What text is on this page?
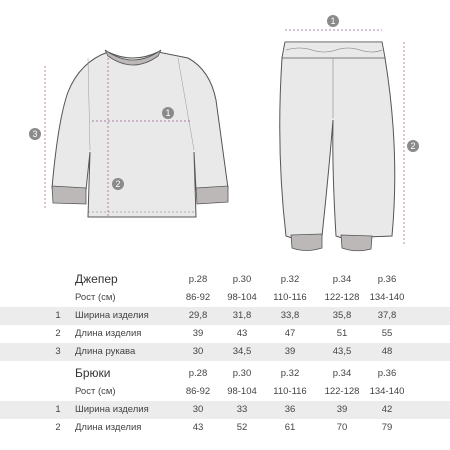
1
2
3
1
2
Джепер	р.28	р.30	р.32	р.34	р.36
Рост (см)	86-92	98-104	110-116	122-128	134-140
1	Ширина изделия	29,8	31,8	33,8	35,8	37,8
2	Длина изделия	39	43	47	51	55
3	Длина рукава	30	34,5	39	43,5	48
Брюки	р.28	р.30	р.32	р.34	р.36
Рост (см)	86-92	98-104	110-116	122-128	134-140
1	Ширина изделия	30	33	36	39	42
2	Длина изделия	43	52	61	70	79
